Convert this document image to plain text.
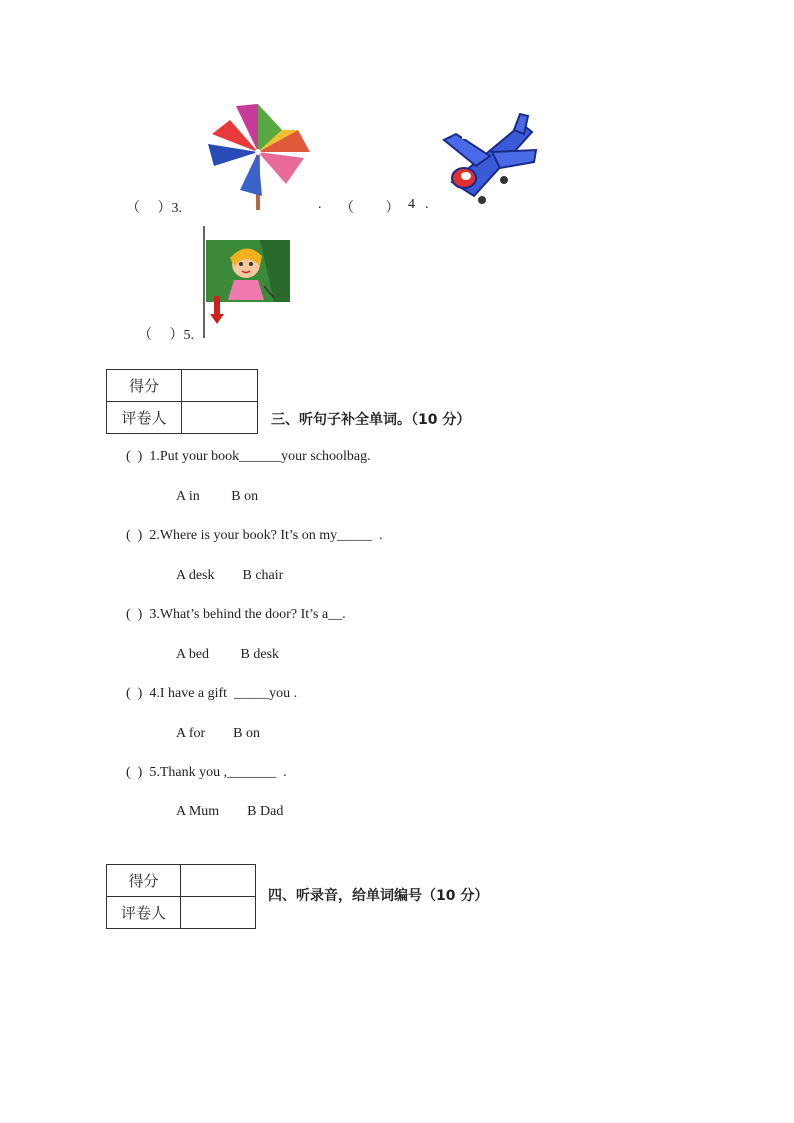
（　 ）3.	. （　 　） 4 .
（　 ）5.
得分	
评卷人		三、听句子补全单词。（10 分）
(  )  1.Put your book______your schoolbag.
A in         B on
(  )  2.Where is your book? It’s on my_____  .
A desk        B chair
(  )  3.What’s behind the door? It’s a__.
A bed         B desk
(  )  4.I have a gift  _____you .
A for        B on
(  )  5.Thank you ,_______  .
A Mum        B Dad
得分	
评卷人	
四、听录音，给单词编号（10 分）
